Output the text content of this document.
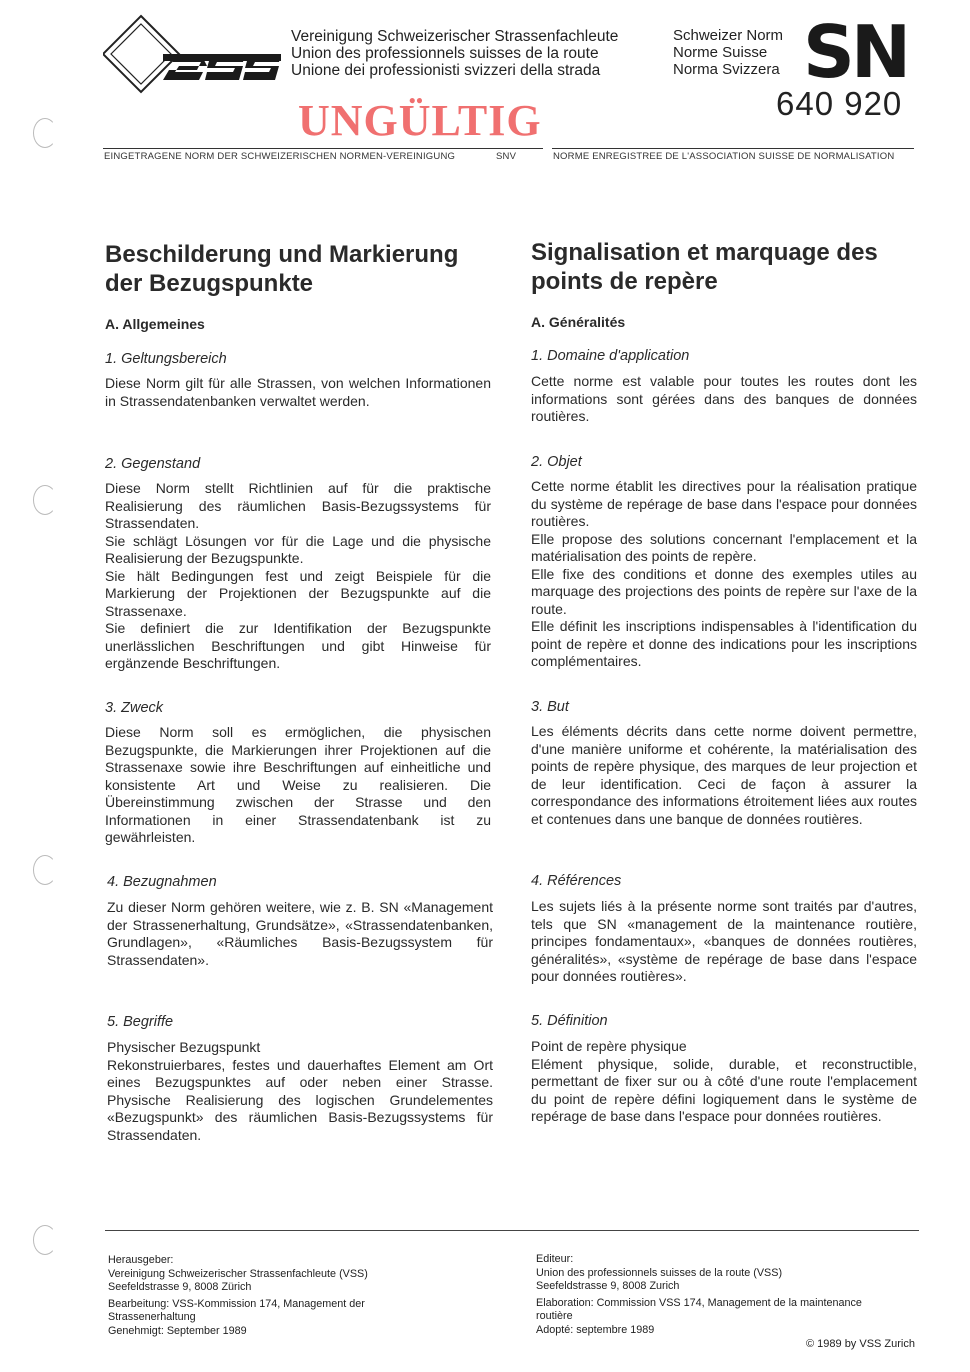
Vereinigung Schweizerischer Strassenfachleute
Union des professionnels suisses de la route
Unione dei professionisti svizzeri della strada
Schweizer Norm
Norme Suisse
Norma Svizzera SN
640 920
UNGÜLTIG
EINGETRAGENE NORM DER SCHWEIZERISCHEN NORMEN-VEREINIGUNG	SNV	NORME ENREGISTREE DE L'ASSOCIATION SUISSE DE NORMALISATION
Beschilderung und Markierung
der Bezugspunkte
A. Allgemeines
1. Geltungsbereich
Diese Norm gilt für alle Strassen, von welchen Informationen in Strassendatenbanken verwaltet werden.
2. Gegenstand
Diese Norm stellt Richtlinien auf für die praktische Realisierung des räumlichen Basis-Bezugssystems für Strassendaten.
Sie schlägt Lösungen vor für die Lage und die physische Realisierung der Bezugspunkte.
Sie hält Bedingungen fest und zeigt Beispiele für die Markierung der Projektionen der Bezugspunkte auf die Strassenaxe.
Sie definiert die zur Identifikation der Bezugspunkte unerlässlichen Beschriftungen und gibt Hinweise für ergänzende Beschriftungen.
3. Zweck
Diese Norm soll es ermöglichen, die physischen Bezugspunkte, die Markierungen ihrer Projektionen auf die Strassenaxe sowie ihre Beschriftungen auf einheitliche und konsistente Art und Weise zu realisieren. Die Übereinstimmung zwischen der Strasse und den Informationen in einer Strassendatenbank ist zu gewährleisten.
4. Bezugnahmen
Zu dieser Norm gehören weitere, wie z. B. SN «Management der Strassenerhaltung, Grundsätze», «Strassendatenbanken, Grundlagen», «Räumliches Basis-Bezugssystem für Strassendaten».
5. Begriffe
Physischer Bezugspunkt
Rekonstruierbares, festes und dauerhaftes Element am Ort eines Bezugspunktes auf oder neben einer Strasse. Physische Realisierung des logischen Grundelementes «Bezugspunkt» des räumlichen Basis-Bezugssystems für Strassendaten.
Signalisation et marquage des
points de repère
A. Généralités
1. Domaine d'application
Cette norme est valable pour toutes les routes dont les informations sont gérées dans des banques de données routières.
2. Objet
Cette norme établit les directives pour la réalisation pratique du système de repérage de base dans l'espace pour données routières.
Elle propose des solutions concernant l'emplacement et la matérialisation des points de repère.
Elle fixe des conditions et donne des exemples utiles au marquage des projections des points de repère sur l'axe de la route.
Elle définit les inscriptions indispensables à l'identification du point de repère et donne des indications pour les inscriptions complémentaires.
3. But
Les éléments décrits dans cette norme doivent permettre, d'une manière uniforme et cohérente, la matérialisation des points de repère physique, des marques de leur projection et de leur identification. Ceci de façon à assurer la correspondance des informations étroitement liées aux routes et contenues dans une banque de données routières.
4. Références
Les sujets liés à la présente norme sont traités par d'autres, tels que SN «management de la maintenance routière, principes fondamentaux», «banques de données routières, généralités», «système de repérage de base dans l'espace pour données routières».
5. Définition
Point de repère physique
Elément physique, solide, durable, et reconstructible, permettant de fixer sur ou à côté d'une route l'emplacement du point de repère défini logiquement dans le système de repérage de base dans l'espace pour données routières.
Herausgeber:
Vereinigung Schweizerischer Strassenfachleute (VSS)
Seefeldstrasse 9, 8008 Zürich
Bearbeitung: VSS-Kommission 174, Management der Strassenerhaltung
Genehmigt: September 1989
Editeur:
Union des professionnels suisses de la route (VSS)
Seefeldstrasse 9, 8008 Zurich
Elaboration: Commission VSS 174, Management de la maintenance routière
Adopté: septembre 1989
© 1989 by VSS Zurich
